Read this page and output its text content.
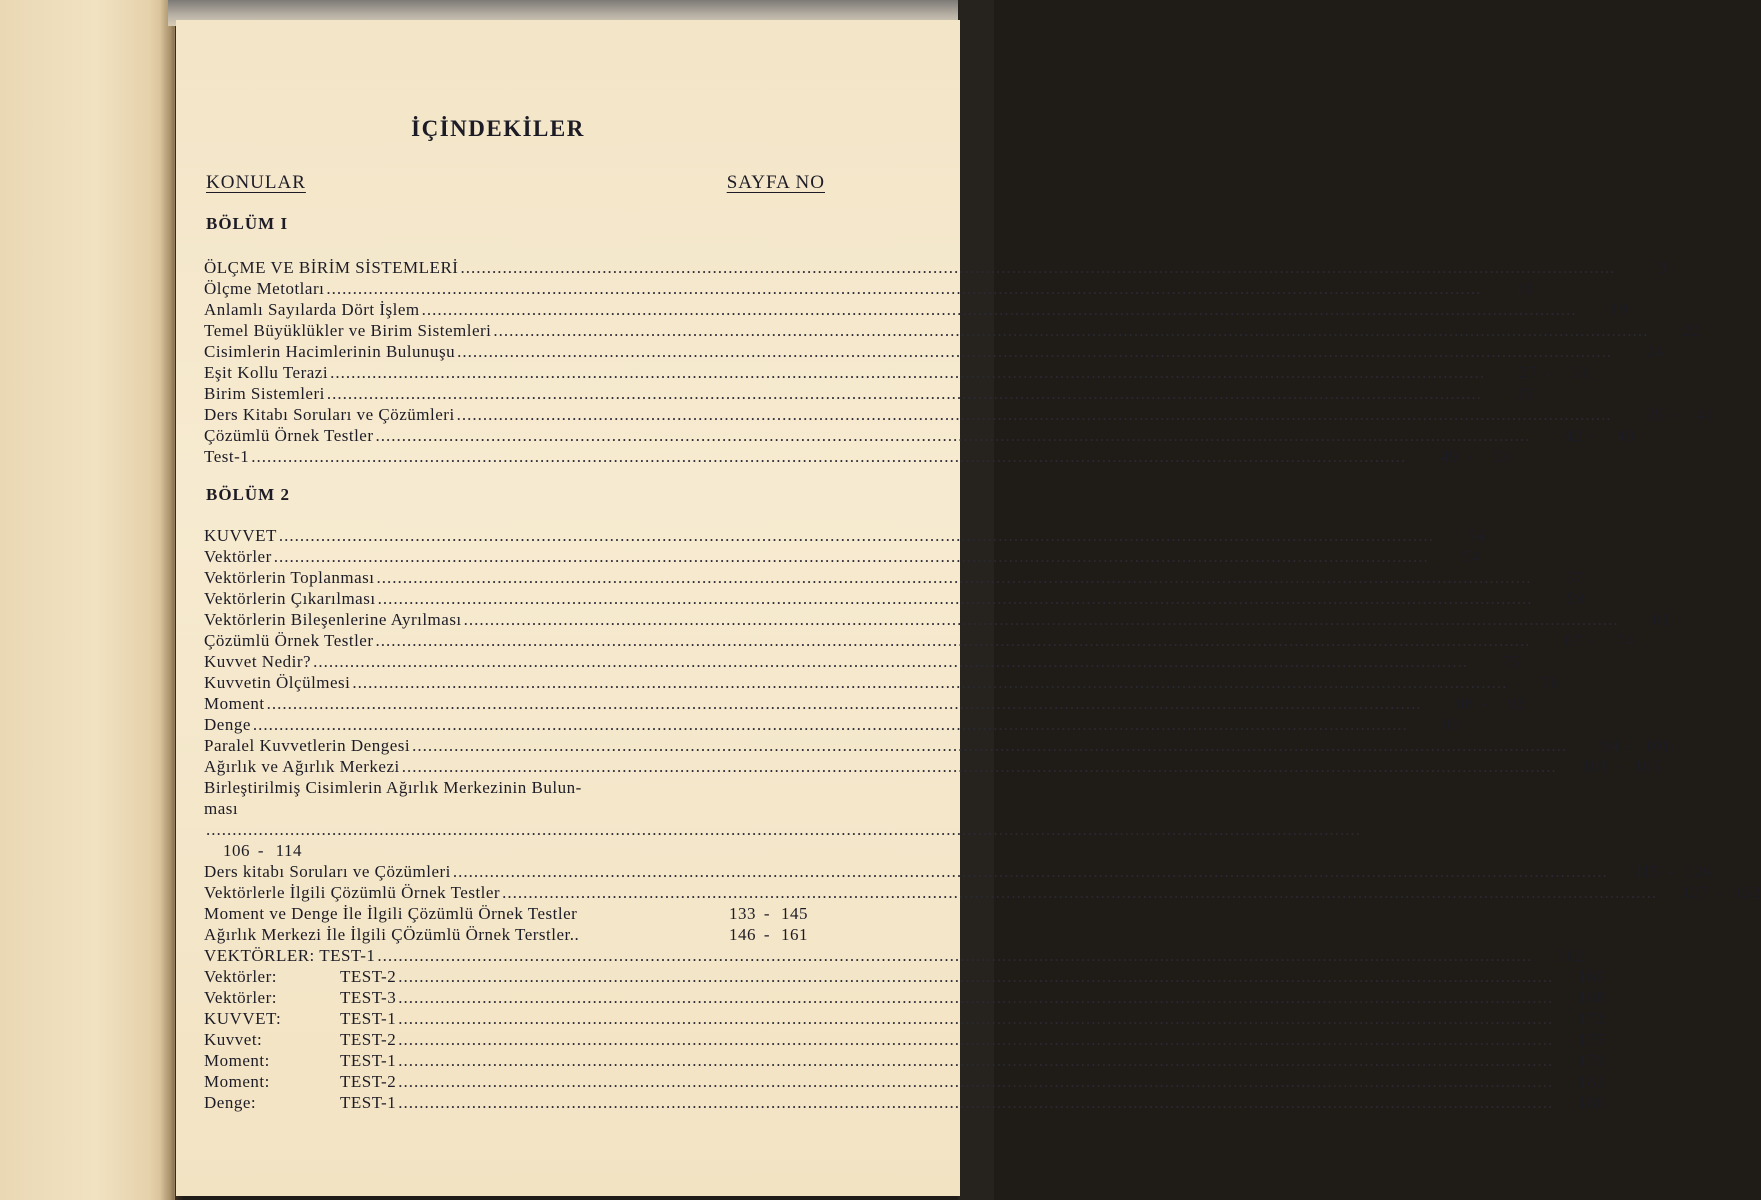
İÇİNDEKİLER
KONULAR	SAYFA NO
BÖLÜM I
ÖLÇME VE BİRİM SİSTEMLERİ ............................................................................................................................................................................................................................	9
Ölçme Metotları ............................................................................................................................................................................................................................	10
Anlamlı Sayılarda Dört İşlem ............................................................................................................................................................................................................................	19
Temel Büyüklükler ve Birim Sistemleri ............................................................................................................................................................................................................................	22
Cisimlerin Hacimlerinin Bulunuşu ............................................................................................................................................................................................................................	24
Eşit Kollu Terazi ............................................................................................................................................................................................................................	27 - 33
Birim Sistemleri ............................................................................................................................................................................................................................	33
Ders Kitabı Soruları ve Çözümleri ............................................................................................................................................................................................................................	35 - 41
Çözümlü Örnek Testler ............................................................................................................................................................................................................................	42 - 48
Test-1 ............................................................................................................................................................................................................................	49 - 53
BÖLÜM 2
KUVVET ............................................................................................................................................................................................................................	54
Vektörler ............................................................................................................................................................................................................................	54
Vektörlerin Toplanması ............................................................................................................................................................................................................................	57
Vektörlerin Çıkarılması ............................................................................................................................................................................................................................	59
Vektörlerin Bileşenlerine Ayrılması ............................................................................................................................................................................................................................	61
Çözümlü Örnek Testler ............................................................................................................................................................................................................................	67 - 74
Kuvvet Nedir? ............................................................................................................................................................................................................................	75
Kuvvetin Ölçülmesi ............................................................................................................................................................................................................................	76
Moment ............................................................................................................................................................................................................................	88 - 92
Denge ............................................................................................................................................................................................................................	93
Paralel Kuvvetlerin Dengesi ............................................................................................................................................................................................................................	94 - 101
Ağırlık ve Ağırlık Merkezi ............................................................................................................................................................................................................................	101 - 105
Birleştirilmiş Cisimlerin Ağırlık Merkezinin Bulun-
ması
............................................................................................................................................................................................................................
106 - 114
Ders kitabı Soruları ve Çözümleri ............................................................................................................................................................................................................................	115 - 126
Vektörlerle İlgili Çözümlü Örnek Testler ............................................................................................................................................................................................................................	127 - 132
Moment ve Denge İle İlgili Çözümlü Örnek Testler	133 - 145
Ağırlık Merkezi İle İlgili ÇÖzümlü Örnek Terstler..	146 - 161
VEKTÖRLER: TEST-1 ............................................................................................................................................................................................................................	162
Vektörler:	TEST-2 ............................................................................................................................................................................................................................	165
Vektörler:	TEST-3 ............................................................................................................................................................................................................................	168
KUVVET:	TEST-1 ............................................................................................................................................................................................................................	172
Kuvvet:	TEST-2 ............................................................................................................................................................................................................................	175
Moment:	TEST-1 ............................................................................................................................................................................................................................	179
Moment:	TEST-2 ............................................................................................................................................................................................................................	182
Denge:	TEST-1 ............................................................................................................................................................................................................................	186
